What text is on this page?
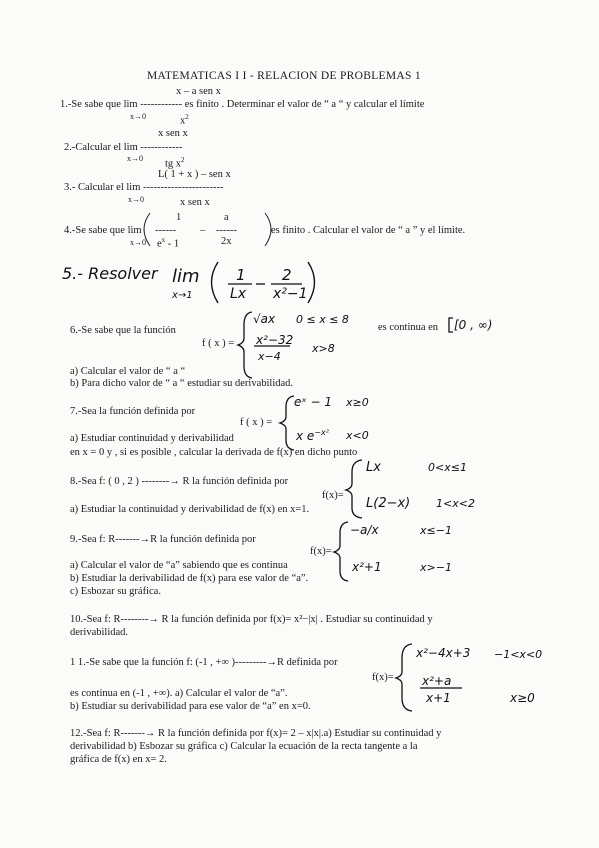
MATEMATICAS I I - RELACION DE PROBLEMAS 1
x – a sen x
1.-Se sabe que lim ------------ es finito . Determinar el valor de “ a “ y calcular el límite
x→0	$x^2$
x sen x
2.-Calcular el lim ------------
x→0 tg $x^2$
L( 1 + x ) – sen x
3.- Calcular el lim -----------------------
x→0	x sen x
1	a
4.-Se sabe que lim ------ – ------	es finito . Calcular el valor de “ a ” y el límite.
x→0 $e^x - 1$	2x
5.- Resolver lim
x→1
1
Lx
2
x²−1
6.-Se sabe que la función
f ( x ) =
√ax 0 ≤ x ≤ 8
x²−32
x−4
x>8
es continua en [0 , ∞)
a) Calcular el valor de “ a “
b) Para dicho valor de “ a “ estudiar su derivabilidad.
7.-Sea la función definida por
f ( x ) =
eˣ − 1 x≥0
x $e^{-x^2}$ x<0
a) Estudiar continuidad y derivabilidad
en x = 0 y , si es posible , calcular la derivada de f(x) en dicho punto
8.-Sea f: ( 0 , 2 ) --------→ R la función definida por
f(x)=
Lx	0<x≤1
L(2−x) 1<x<2
a) Estudiar la continuidad y derivabilidad de f(x) en x=1.
9.-Sea f: R-------→R la función definida por
f(x)=
−a/x	x≤−1
x²+1	x>−1
a) Calcular el valor de “a” sabiendo que es continua
b) Estudiar la derivabilidad de f(x) para ese valor de “a”.
c) Esbozar su gráfica.
10.-Sea f: R--------→ R la función definida por f(x)= x²−|x| . Estudiar su continuidad y
derivabilidad.
1 1.-Se sabe que la función f: (-1 , +∞ )---------→R definida por
f(x)=
x²−4x+3 −1<x<0
x²+a
x+1	x≥0
es continua en (-1 , +∞). a) Calcular el valor de “a”.
b) Estudiar su derivabilidad para ese valor de “a” en x=0.
12.-Sea f: R-------→ R la función definida por f(x)= 2 – x|x|.a) Estudiar su continuidad y
derivabilidad b) Esbozar su gráfica c) Calcular la ecuación de la recta tangente a la
gráfica de f(x) en x= 2.
